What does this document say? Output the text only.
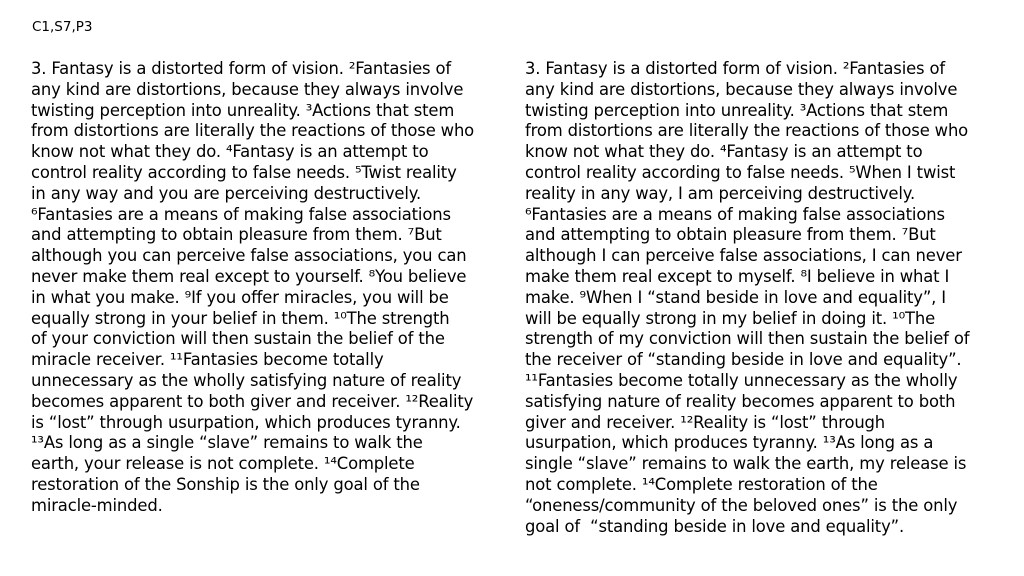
C1,S7,P3
3. Fantasy is a distorted form of vision. ²Fantasies of
any kind are distortions, because they always involve
twisting perception into unreality. ³Actions that stem
from distortions are literally the reactions of those who
know not what they do. ⁴Fantasy is an attempt to
control reality according to false needs. ⁵Twist reality
in any way and you are perceiving destructively.
⁶Fantasies are a means of making false associations
and attempting to obtain pleasure from them. ⁷But
although you can perceive false associations, you can
never make them real except to yourself. ⁸You believe
in what you make. ⁹If you offer miracles, you will be
equally strong in your belief in them. ¹⁰The strength
of your conviction will then sustain the belief of the
miracle receiver. ¹¹Fantasies become totally
unnecessary as the wholly satisfying nature of reality
becomes apparent to both giver and receiver. ¹²Reality
is “lost” through usurpation, which produces tyranny.
¹³As long as a single “slave” remains to walk the
earth, your release is not complete. ¹⁴Complete
restoration of the Sonship is the only goal of the
miracle-minded.
3. Fantasy is a distorted form of vision. ²Fantasies of
any kind are distortions, because they always involve
twisting perception into unreality. ³Actions that stem
from distortions are literally the reactions of those who
know not what they do. ⁴Fantasy is an attempt to
control reality according to false needs. ⁵When I twist
reality in any way, I am perceiving destructively.
⁶Fantasies are a means of making false associations
and attempting to obtain pleasure from them. ⁷But
although I can perceive false associations, I can never
make them real except to myself. ⁸I believe in what I
make. ⁹When I “stand beside in love and equality”, I
will be equally strong in my belief in doing it. ¹⁰The
strength of my conviction will then sustain the belief of
the receiver of “standing beside in love and equality”.
¹¹Fantasies become totally unnecessary as the wholly
satisfying nature of reality becomes apparent to both
giver and receiver. ¹²Reality is “lost” through
usurpation, which produces tyranny. ¹³As long as a
single “slave” remains to walk the earth, my release is
not complete. ¹⁴Complete restoration of the
“oneness/community of the beloved ones” is the only
goal of  “standing beside in love and equality”.
